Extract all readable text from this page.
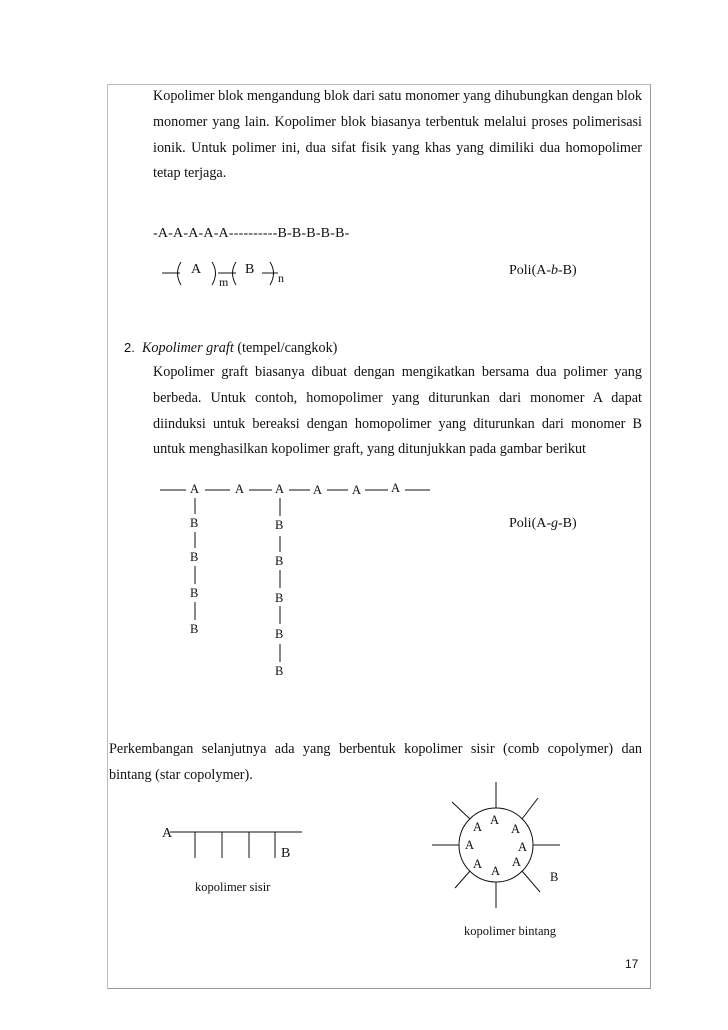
Kopolimer blok mengandung blok dari satu monomer yang dihubungkan dengan blok monomer yang lain. Kopolimer blok biasanya terbentuk melalui proses polimerisasi ionik. Untuk polimer ini, dua sifat fisik yang khas yang dimiliki dua homopolimer tetap terjaga.

-A-A-A-A-A----------B-B-B-B-B-
A	B
m	n	Poli(A-b-B)
2. Kopolimer graft (tempel/cangkok)

Kopolimer graft biasanya dibuat dengan mengikatkan bersama dua polimer yang berbeda. Untuk contoh, homopolimer yang diturunkan dari monomer A dapat diinduksi untuk bereaksi dengan homopolimer yang diturunkan dari monomer B untuk menghasilkan kopolimer graft, yang ditunjukkan pada gambar berikut

A	A A A A A
B
B
B
B
B
B
B
B
B
Poli(A-g-B)

Perkembangan selanjutnya ada yang berbentuk kopolimer sisir (comb copolymer) dan bintang (star copolymer).

A
B
kopolimer sisir
A
A A
A	A
A A
A	B
kopolimer bintang
17
